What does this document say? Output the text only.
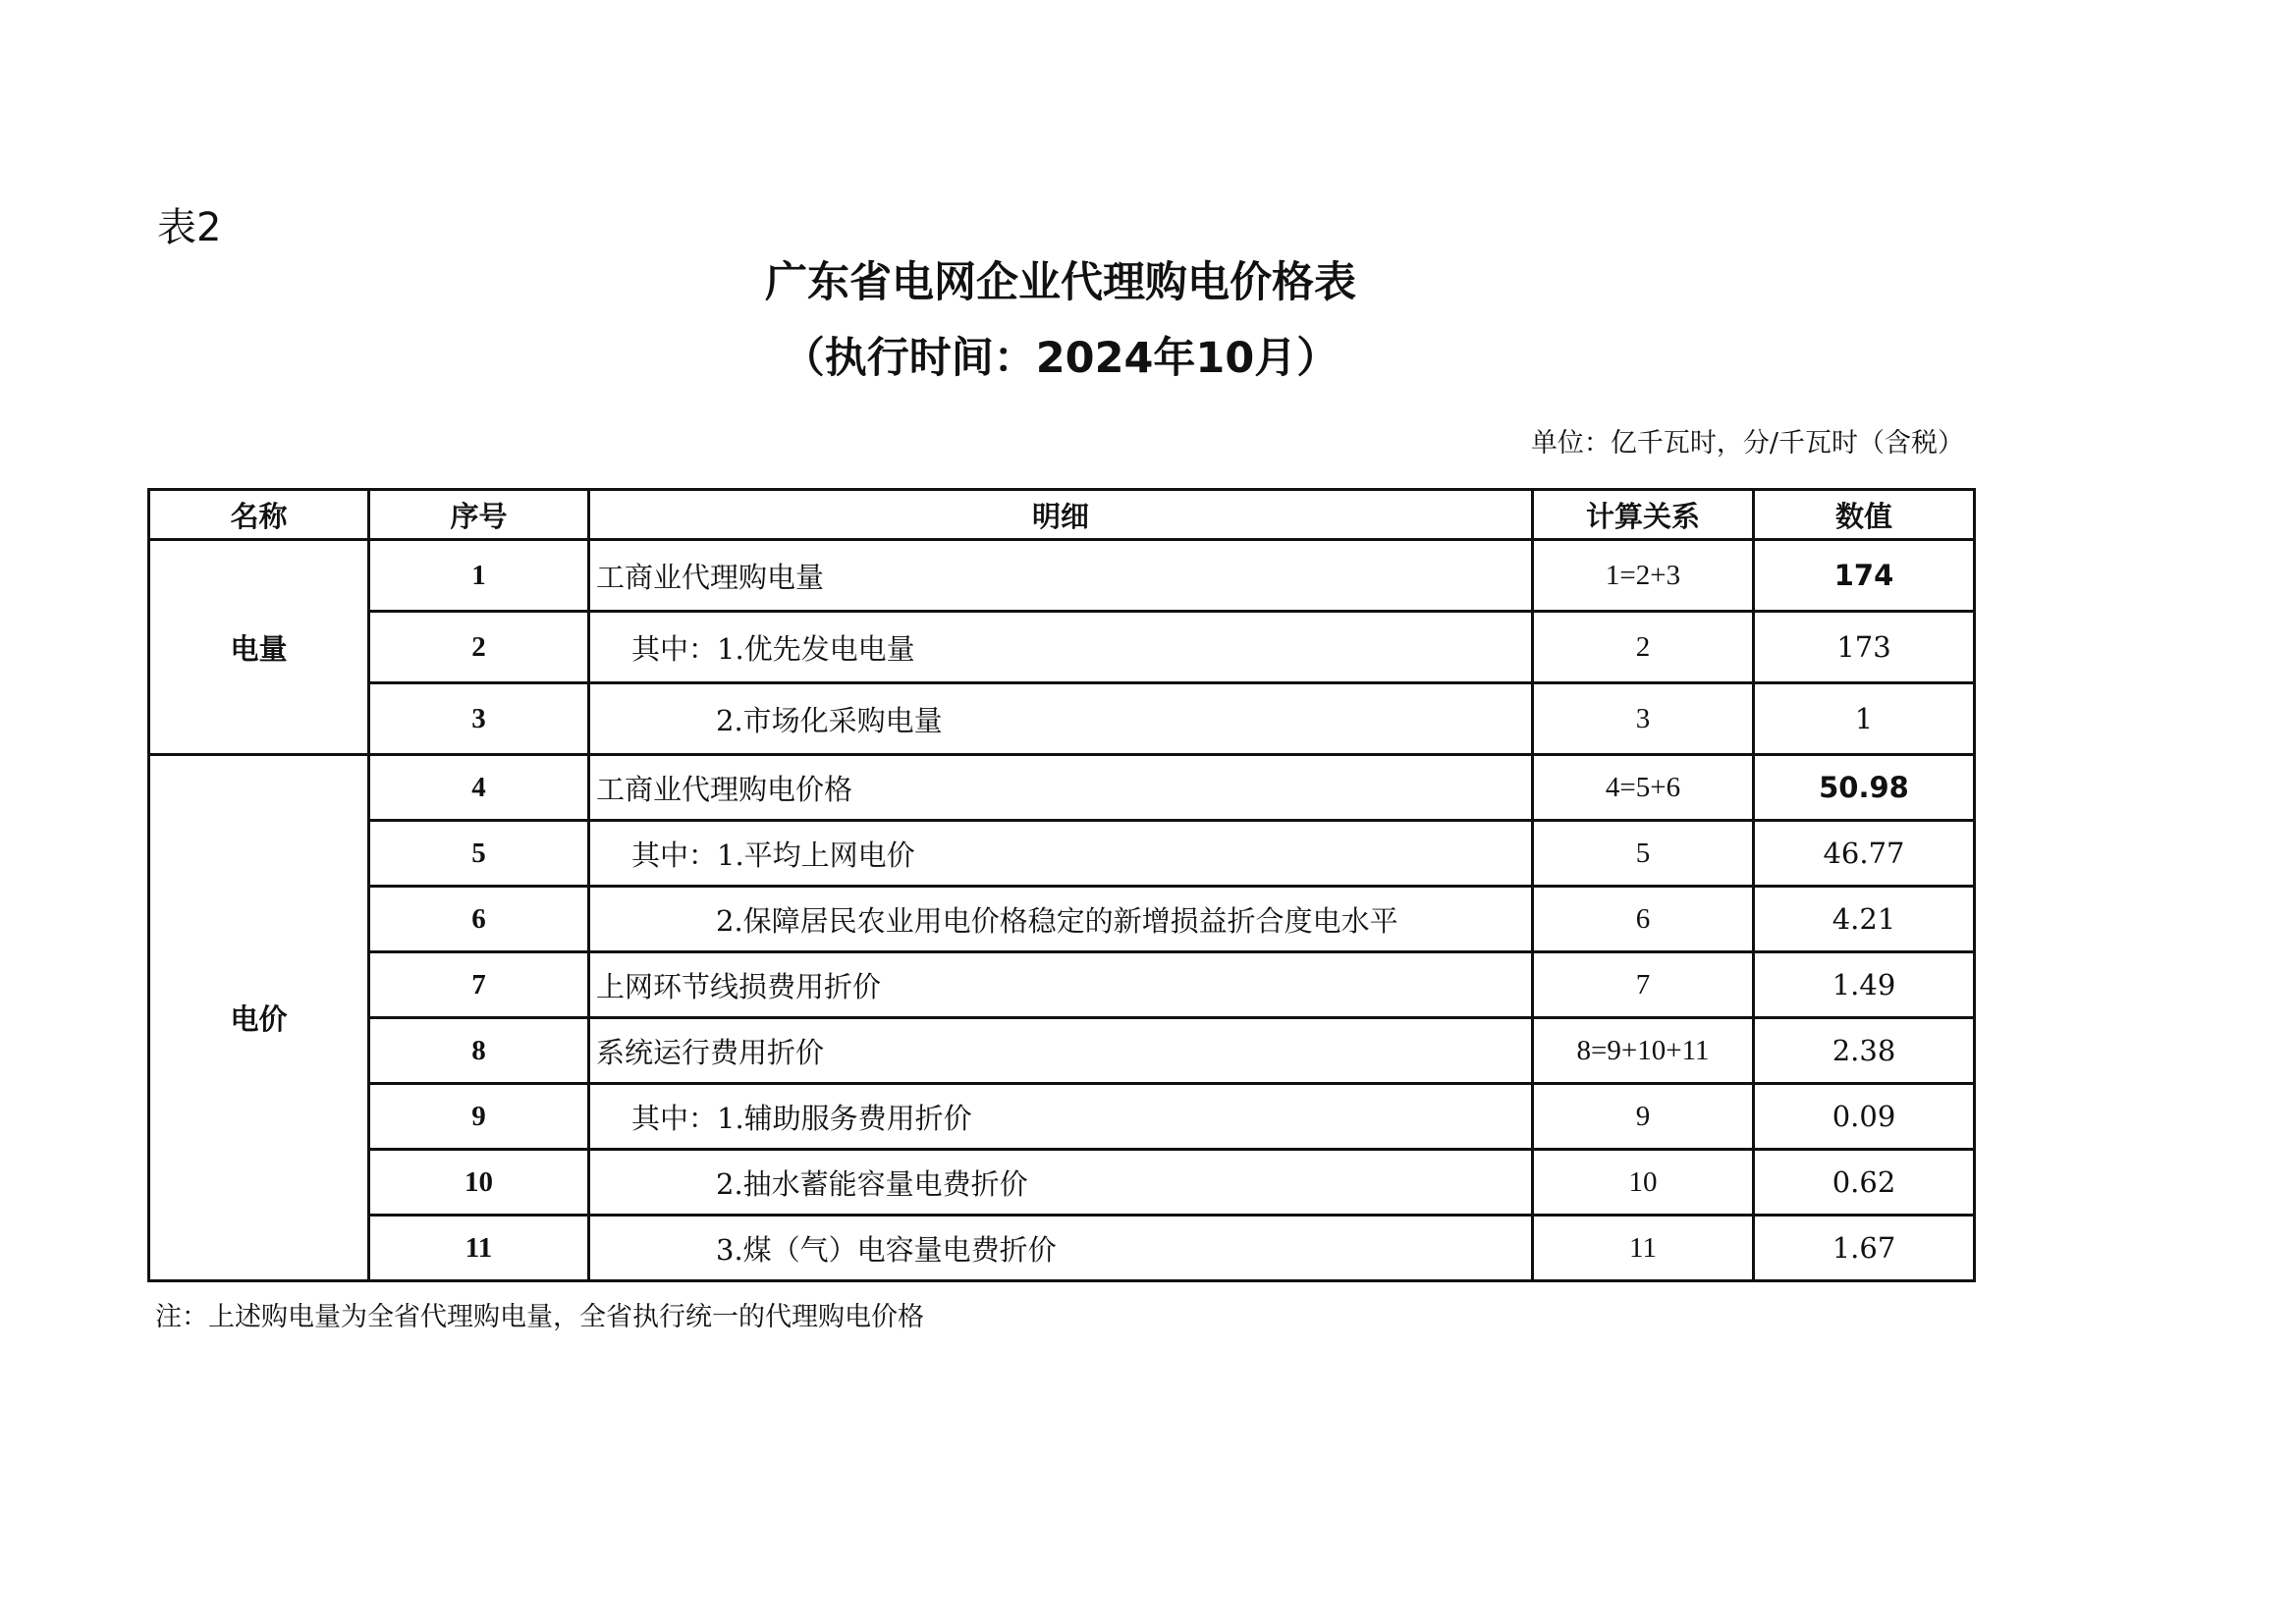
表2
广东省电网企业代理购电价格表
（执行时间：2024年10月）
单位：亿千瓦时，分/千瓦时（含税）
名称	序号	明细	计算关系	数值
电量	1	工商业代理购电量	1=2+3	174
	2	其中：1.优先发电电量	2	173
	3	2.市场化采购电量	3	1
电价	4	工商业代理购电价格	4=5+6	50.98
	5	其中：1.平均上网电价	5	46.77
	6	2.保障居民农业用电价格稳定的新增损益折合度电水平	6	4.21
	7	上网环节线损费用折价	7	1.49
	8	系统运行费用折价	8=9+10+11	2.38
	9	其中：1.辅助服务费用折价	9	0.09
	10	2.抽水蓄能容量电费折价	10	0.62
	11	3.煤（气）电容量电费折价	11	1.67
注：上述购电量为全省代理购电量，全省执行统一的代理购电价格
